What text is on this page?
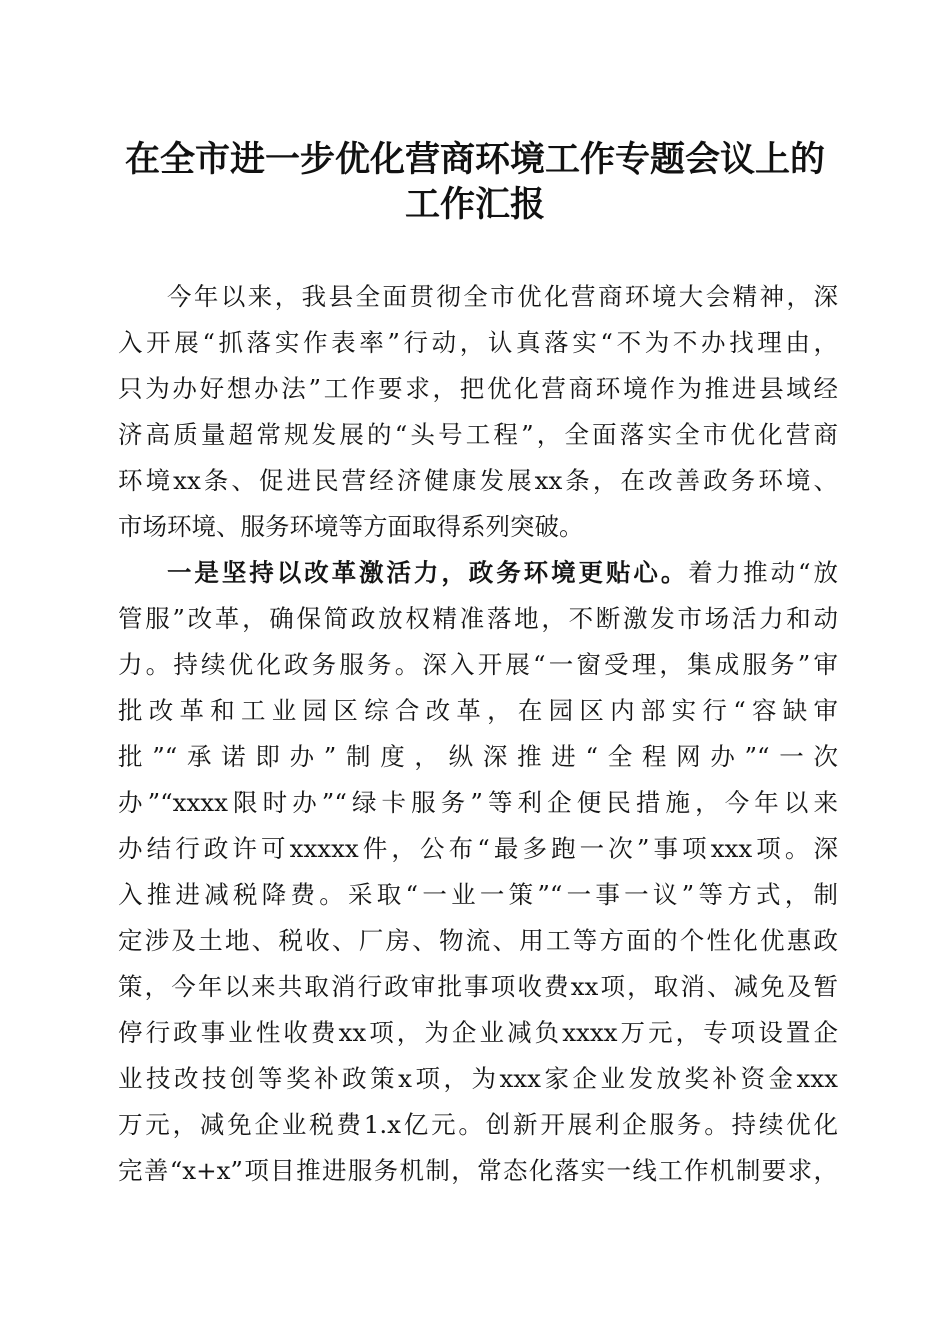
在全市进一步优化营商环境工作专题会议上的
工作汇报
今年以来，我县全面贯彻全市优化营商环境大会精神，深
入开展“抓落实作表率”行动，认真落实“不为不办找理由，
只为办好想办法”工作要求，把优化营商环境作为推进县域经
济高质量超常规发展的“头号工程”，全面落实全市优化营商
环境xx条、促进民营经济健康发展xx条，在改善政务环境、
市场环境、服务环境等方面取得系列突破。
一是坚持以改革激活力，政务环境更贴心。着力推动“放
管服”改革，确保简政放权精准落地，不断激发市场活力和动
力。持续优化政务服务。深入开展“一窗受理，集成服务”审
批改革和工业园区综合改革，在园区内部实行“容缺审
批”“承诺即办”制度，纵深推进“全程网办”“一次
办”“xxxx限时办”“绿卡服务”等利企便民措施，今年以来
办结行政许可xxxxx件，公布“最多跑一次”事项xxx项。深
入推进减税降费。采取“一业一策”“一事一议”等方式，制
定涉及土地、税收、厂房、物流、用工等方面的个性化优惠政
策，今年以来共取消行政审批事项收费xx项，取消、减免及暂
停行政事业性收费xx项，为企业减负xxxx万元，专项设置企
业技改技创等奖补政策x项，为xxx家企业发放奖补资金xxx
万元，减免企业税费1.x亿元。创新开展利企服务。持续优化
完善“x+x”项目推进服务机制，常态化落实一线工作机制要求，
